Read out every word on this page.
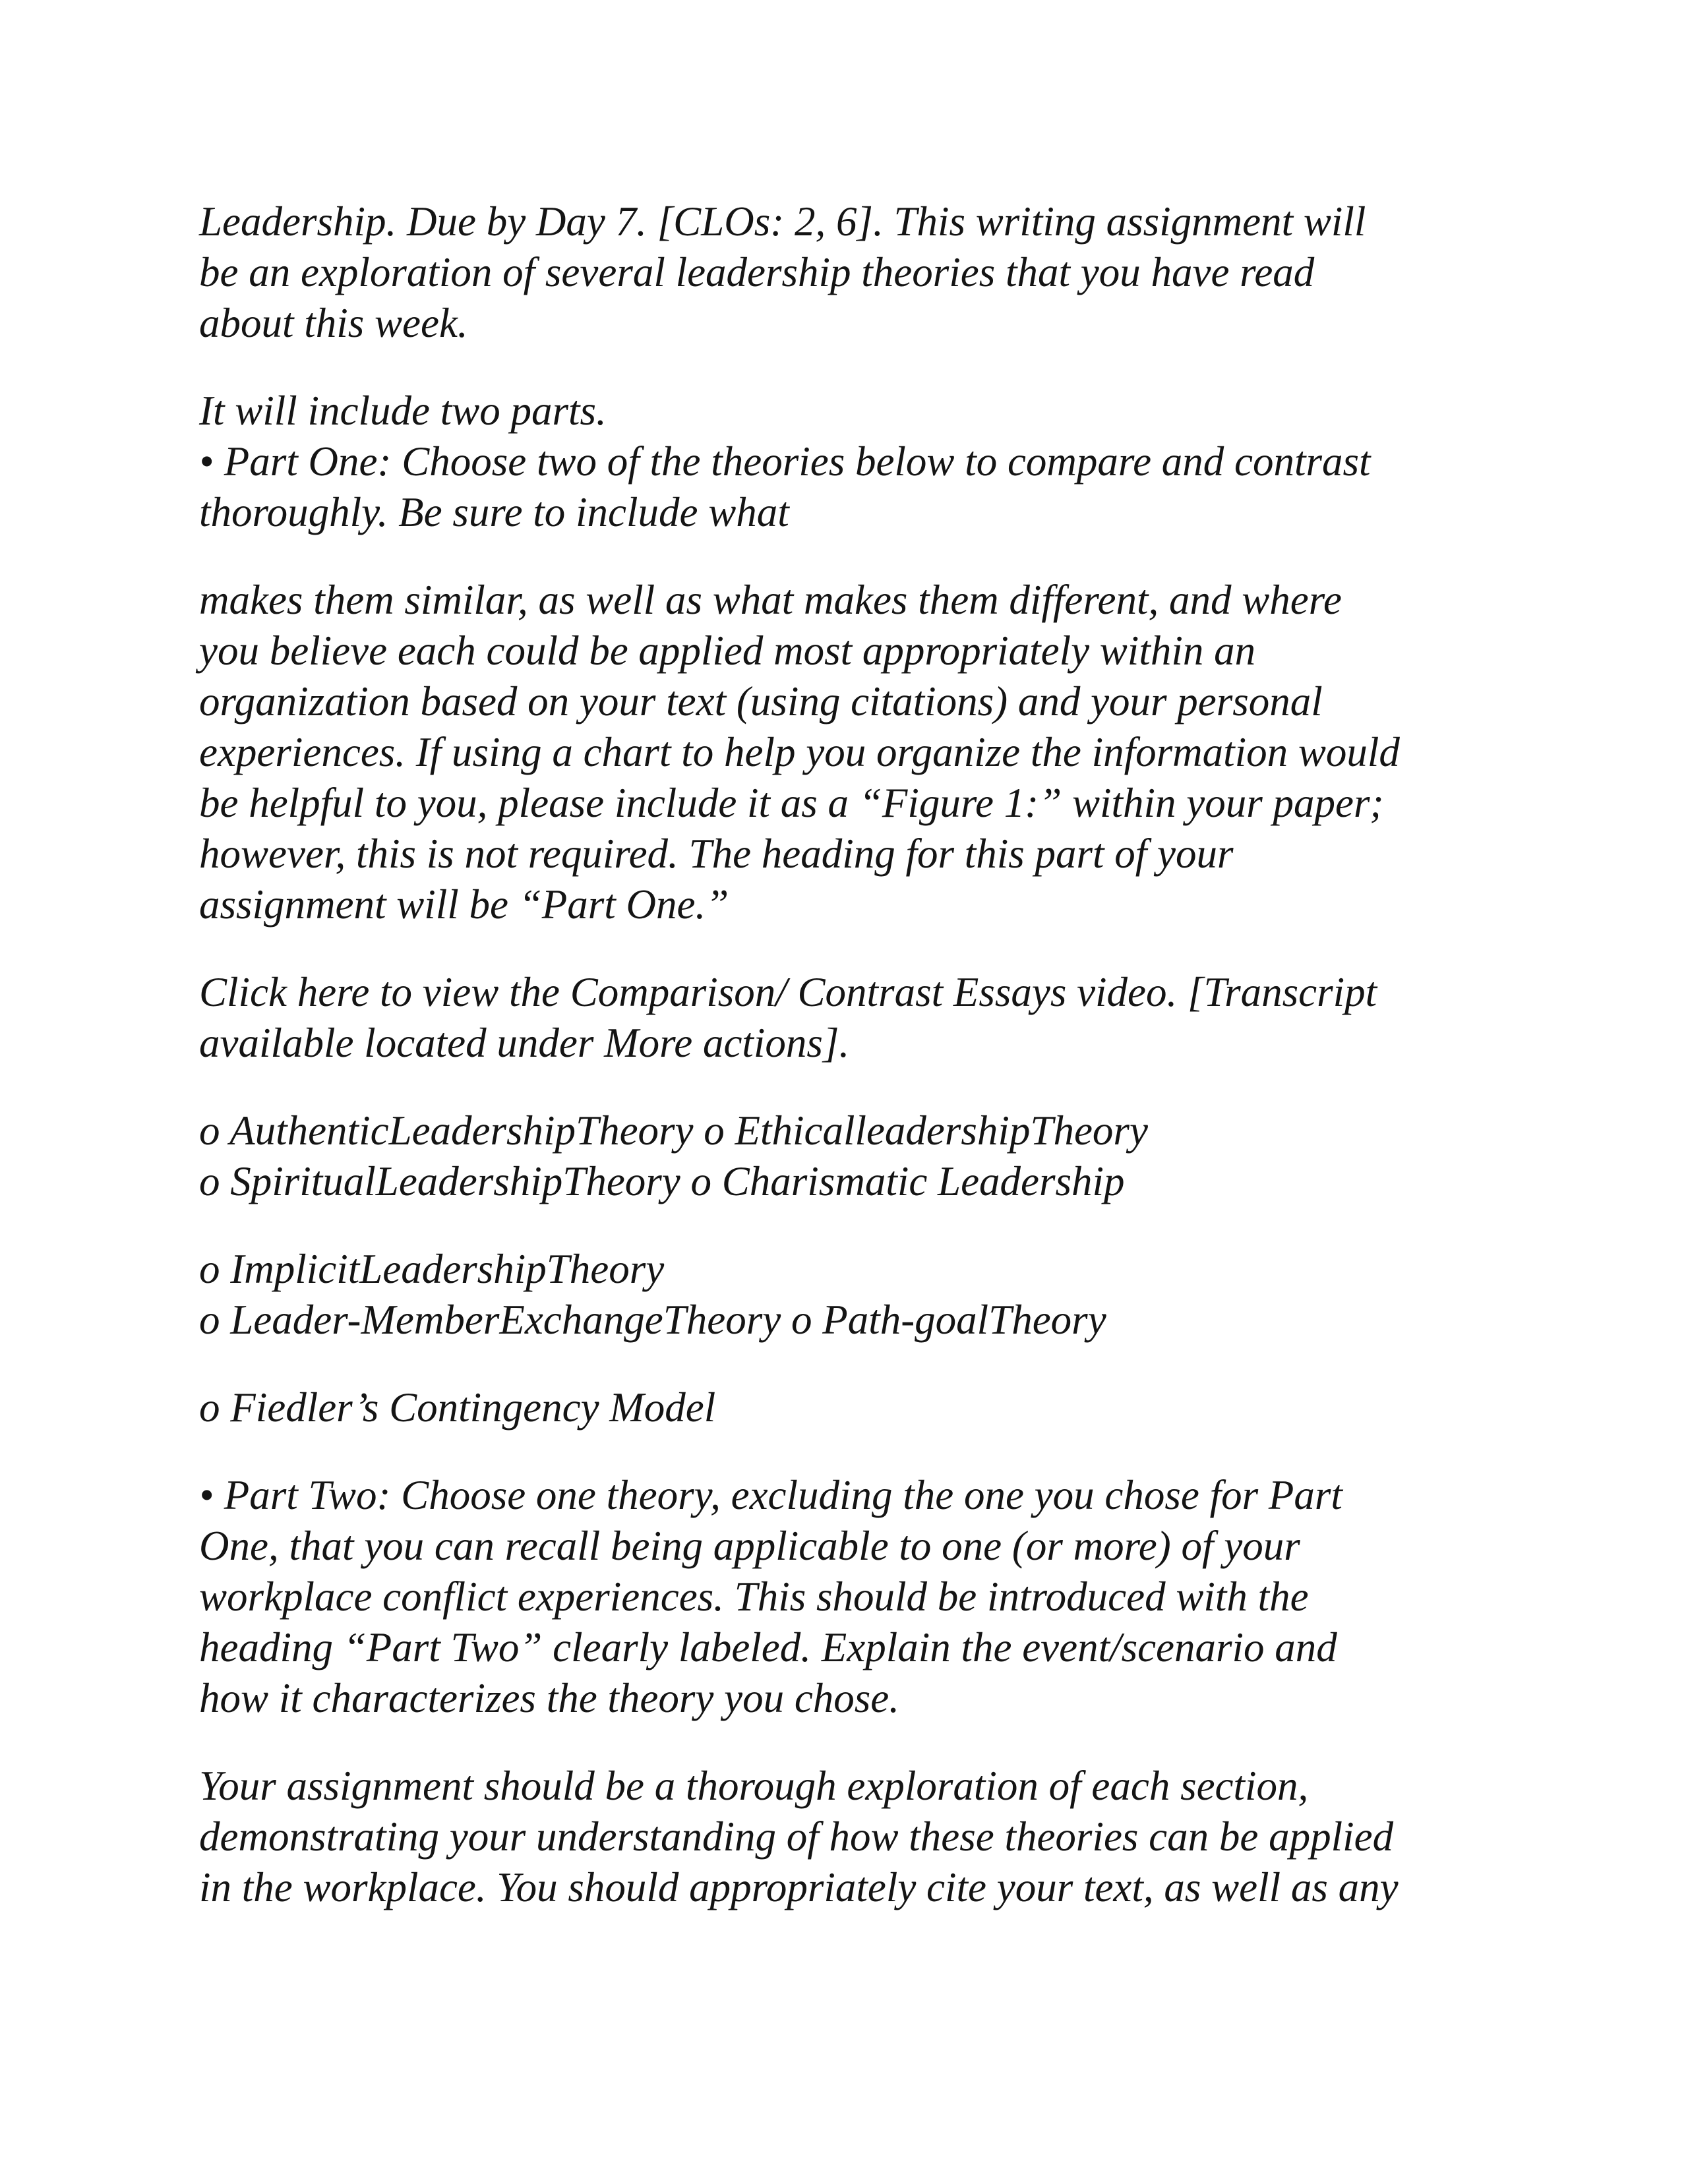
Leadership. Due by Day 7. [CLOs: 2, 6]. This writing assignment will
be an exploration of several leadership theories that you have read
about this week.

It will include two parts.
• Part One: Choose two of the theories below to compare and contrast
thoroughly. Be sure to include what

makes them similar, as well as what makes them different, and where
you believe each could be applied most appropriately within an
organization based on your text (using citations) and your personal
experiences. If using a chart to help you organize the information would
be helpful to you, please include it as a “Figure 1:” within your paper;
however, this is not required. The heading for this part of your
assignment will be “Part One.”

Click here to view the Comparison/ Contrast Essays video. [Transcript
available located under More actions].

o AuthenticLeadershipTheory o EthicalleadershipTheory
o SpiritualLeadershipTheory o Charismatic Leadership

o ImplicitLeadershipTheory
o Leader-MemberExchangeTheory o Path-goalTheory

o Fiedler’s Contingency Model

• Part Two: Choose one theory, excluding the one you chose for Part
One, that you can recall being applicable to one (or more) of your
workplace conflict experiences. This should be introduced with the
heading “Part Two” clearly labeled. Explain the event/scenario and
how it characterizes the theory you chose.

Your assignment should be a thorough exploration of each section,
demonstrating your understanding of how these theories can be applied
in the workplace. You should appropriately cite your text, as well as any
